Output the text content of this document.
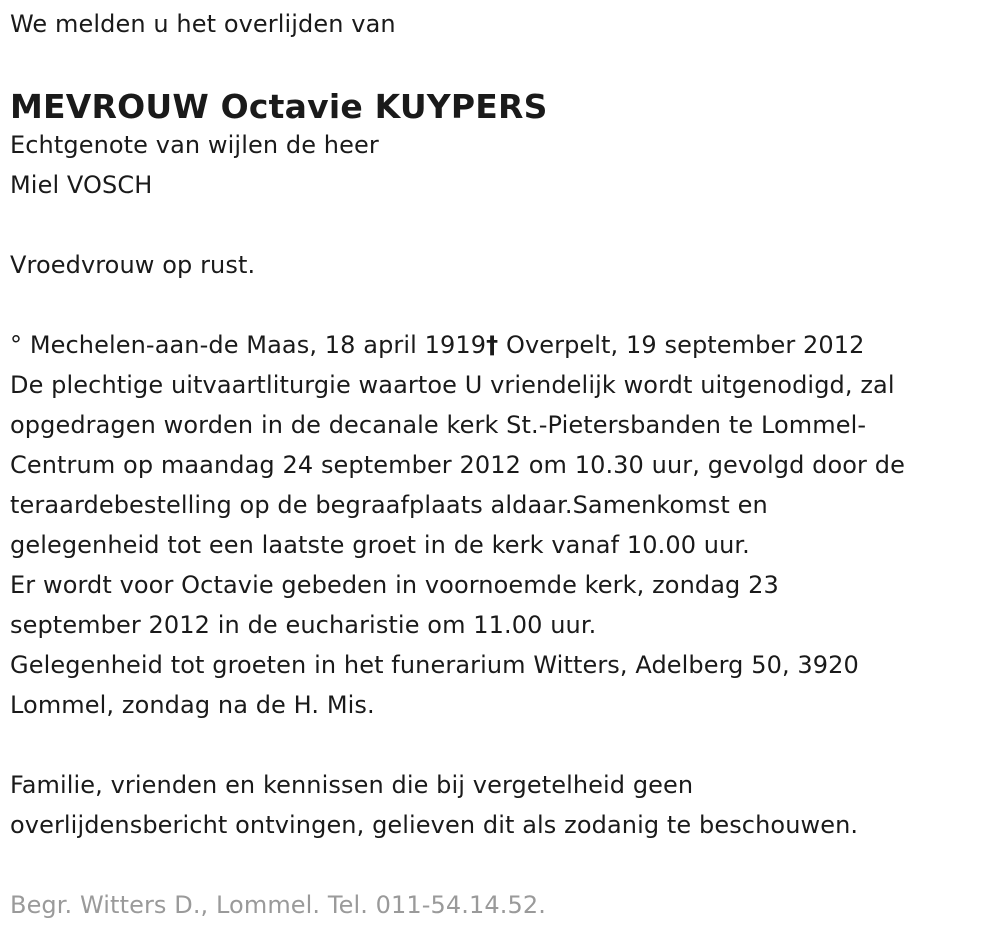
We melden u het overlijden van
MEVROUW Octavie KUYPERS
Echtgenote van wijlen de heer
Miel VOSCH
Vroedvrouw op rust.
° Mechelen-aan-de Maas, 18 april 1919† Overpelt, 19 september 2012
De plechtige uitvaartliturgie waartoe U vriendelijk wordt uitgenodigd, zal
opgedragen worden in de decanale kerk St.-Pietersbanden te Lommel-
Centrum op maandag 24 september 2012 om 10.30 uur, gevolgd door de
teraardebestelling op de begraafplaats aldaar.Samenkomst en
gelegenheid tot een laatste groet in de kerk vanaf 10.00 uur.
Er wordt voor Octavie gebeden in voornoemde kerk, zondag 23
september 2012 in de eucharistie om 11.00 uur.
Gelegenheid tot groeten in het funerarium Witters, Adelberg 50, 3920
Lommel, zondag na de H. Mis.
Familie, vrienden en kennissen die bij vergetelheid geen
overlijdensbericht ontvingen, gelieven dit als zodanig te beschouwen.
Begr. Witters D., Lommel. Tel. 011-54.14.52.
